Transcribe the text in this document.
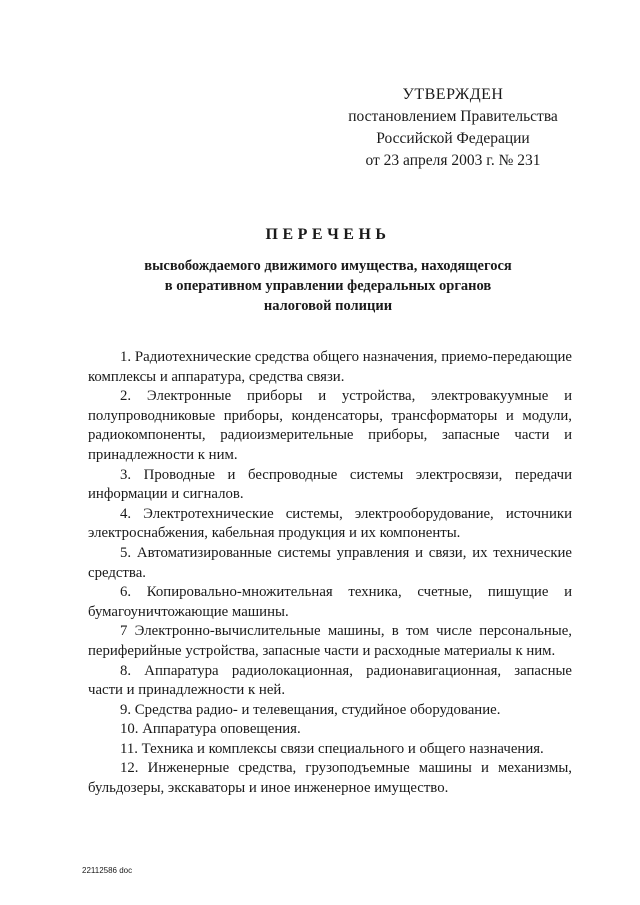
УТВЕРЖДЕН
постановлением Правительства
Российской Федерации
от 23 апреля 2003 г. № 231
ПЕРЕЧЕНЬ
высвобождаемого движимого имущества, находящегося
в оперативном управлении федеральных органов
налоговой полиции

1. Радиотехнические средства общего назначения, приемо-передающие комплексы и аппаратура, средства связи.

2. Электронные приборы и устройства, электровакуумные и полупроводниковые приборы, конденсаторы, трансформаторы и модули, радиокомпоненты, радиоизмерительные приборы, запасные части и принадлежности к ним.

3. Проводные и беспроводные системы электросвязи, передачи информации и сигналов.

4. Электротехнические системы, электрооборудование, источники электроснабжения, кабельная продукция и их компоненты.

5. Автоматизированные системы управления и связи, их технические средства.

6. Копировально-множительная техника, счетные, пишущие и бумагоуничтожающие машины.

7 Электронно-вычислительные машины, в том числе персональные, периферийные устройства, запасные части и расходные материалы к ним.

8. Аппаратура радиолокационная, радионавигационная, запасные части и принадлежности к ней.

9. Средства радио- и телевещания, студийное оборудование.

10. Аппаратура оповещения.

11. Техника и комплексы связи специального и общего назначения.

12. Инженерные средства, грузоподъемные машины и механизмы, бульдозеры, экскаваторы и иное инженерное имущество.

22112586 doc
